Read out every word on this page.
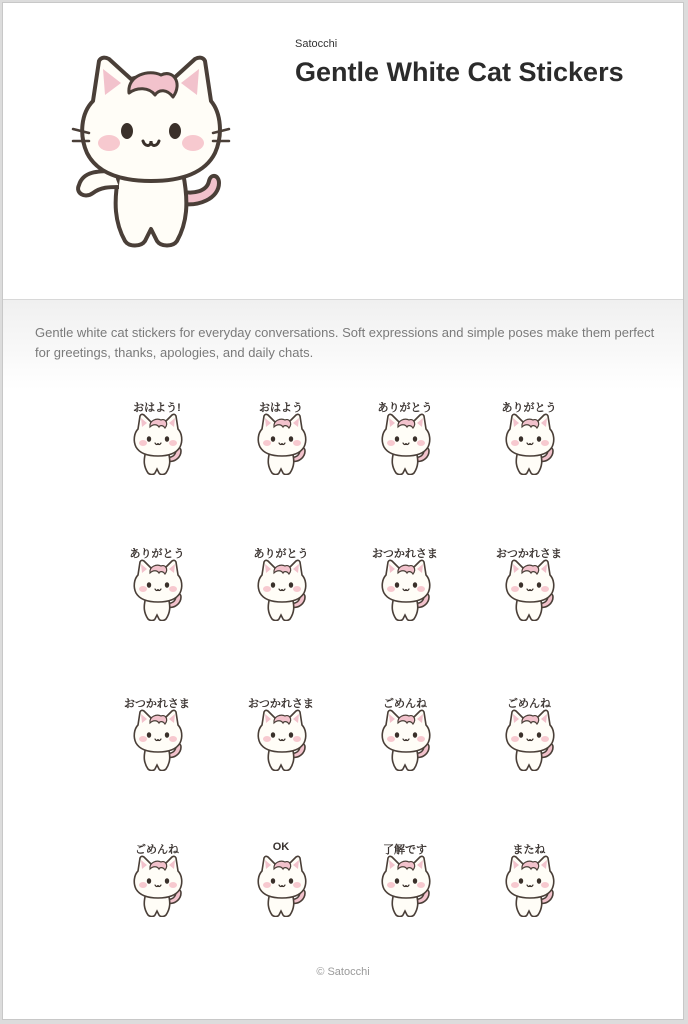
Satocchi
Gentle White Cat Stickers

Gentle white cat stickers for everyday conversations. Soft expressions and simple poses make them perfect for greetings, thanks, apologies, and daily chats.

おはよう!	おはよう	ありがとう	ありがとう
ありがとう	ありがとう	おつかれさま	おつかれさま
おつかれさま	おつかれさま	ごめんね	ごめんね
ごめんね	OK	了解です	またね
© Satocchi
